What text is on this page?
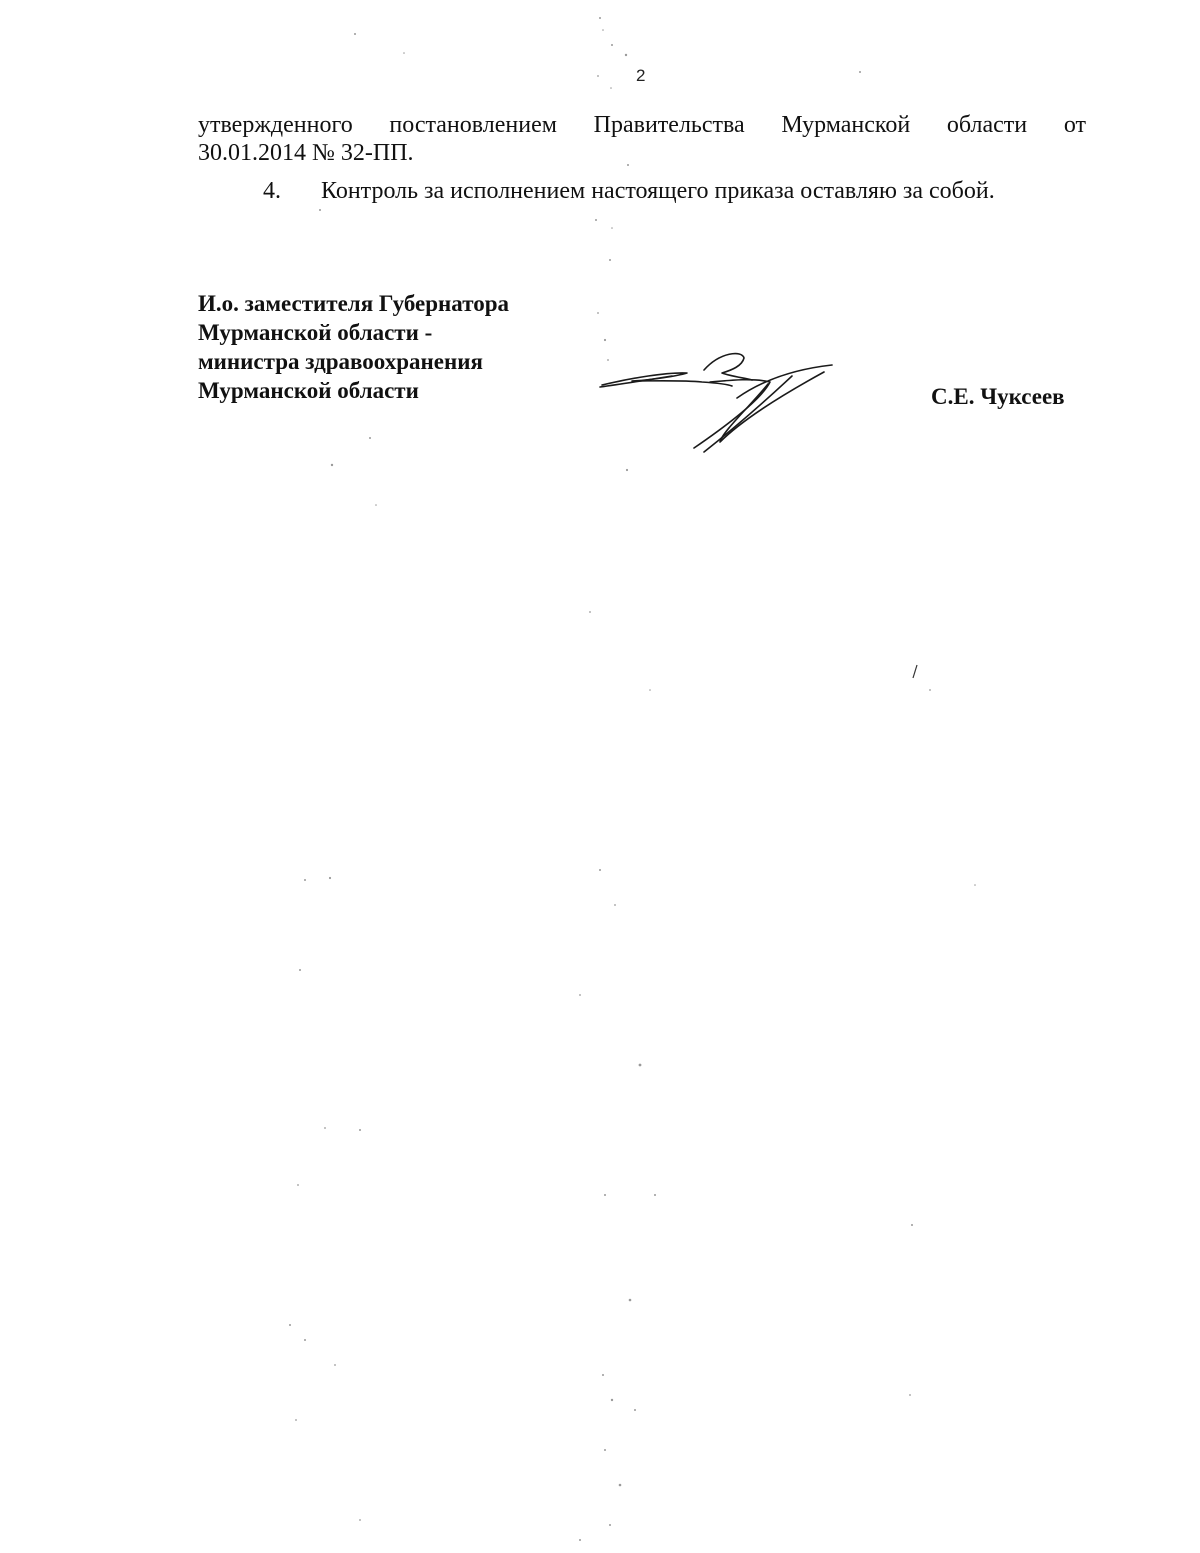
2
утвержденного постановлением Правительства Мурманской области от
30.01.2014 № 32-ПП.
4. Контроль за исполнением настоящего приказа оставляю за собой.
И.о. заместителя Губернатора
Мурманской области -
министра здравоохранения
Мурманской области	С.Е. Чуксеев
